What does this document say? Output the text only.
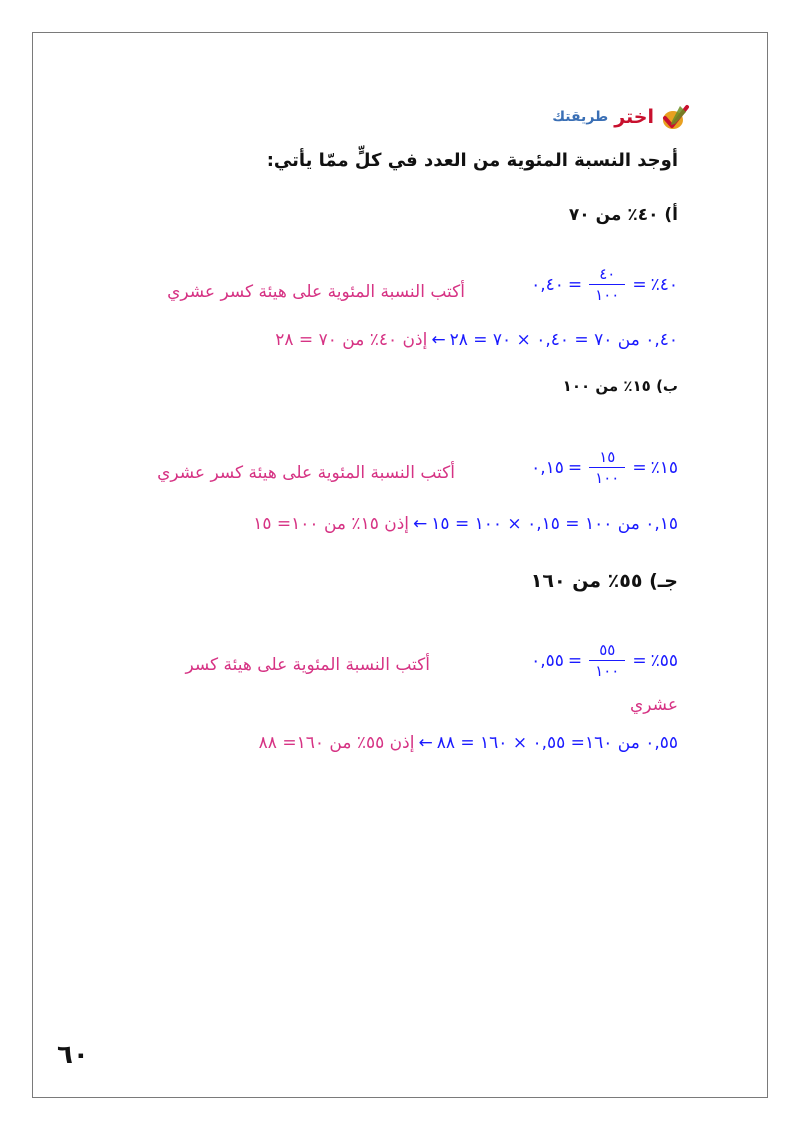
اختر
طريقتك
أوجد النسبة المئوية من العدد في كلٍّ ممّا يأتي:
أ) ٤٠٪ من ٧٠
٤٠٪
=
$\frac{٤٠}{١٠٠}$
=
٠,٤٠
أكتب النسبة المئوية على هيئة كسر عشري
٠,٤٠ من ٧٠ = ٠,٤٠ × ٧٠ = ٢٨
←
إذن ٤٠٪ من ٧٠ = ٢٨
ب) ١٥٪ من ١٠٠
١٥٪
=
$\frac{١٥}{١٠٠}$
=
٠,١٥
أكتب النسبة المئوية على هيئة كسر عشري
٠,١٥ من ١٠٠ = ٠,١٥ × ١٠٠ = ١٥
←
إذن ١٥٪ من ١٠٠= ١٥
جـ) ٥٥٪ من ١٦٠
٥٥٪
=
$\frac{٥٥}{١٠٠}$
=
٠,٥٥
أكتب النسبة المئوية على هيئة كسر
عشري
٠,٥٥ من ١٦٠= ٠,٥٥ × ١٦٠ = ٨٨
←
إذن ٥٥٪ من ١٦٠= ٨٨
٦٠
